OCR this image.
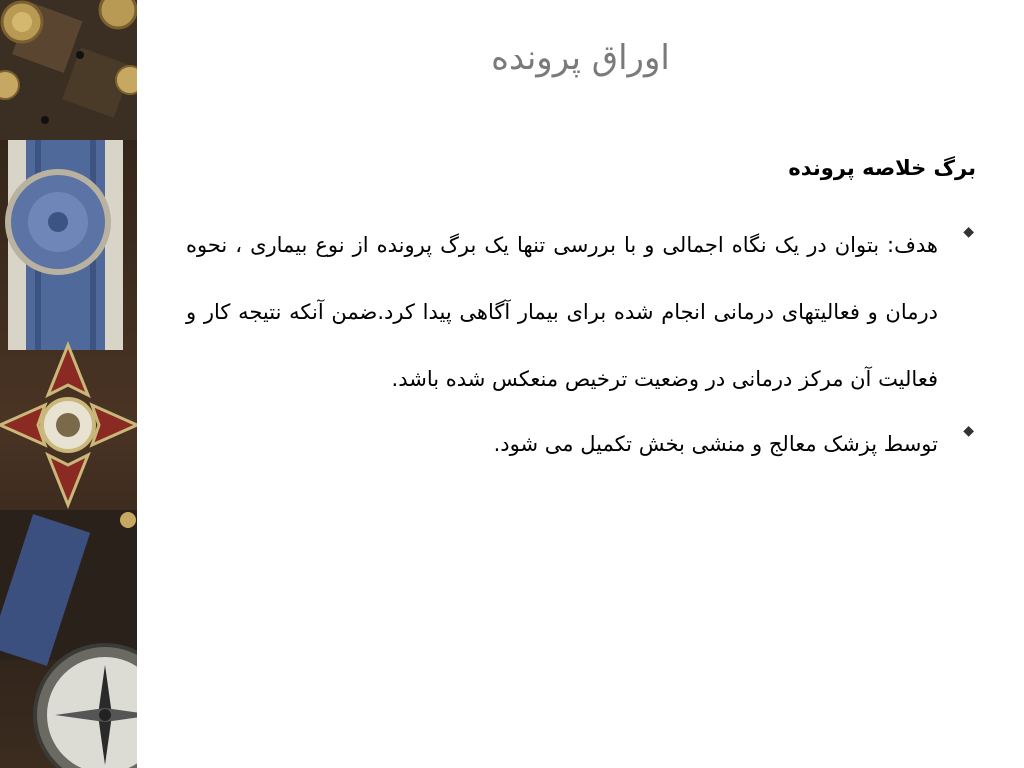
اوراق پرونده
برگ خلاصه پرونده
◆
هدف: بتوان در یک نگاه اجمالی و با بررسی تنها یک برگ پرونده از نوع بیماری ، نحوه درمان و فعالیتهای درمانی انجام شده برای بیمار آگاهی پیدا کرد.ضمن آنکه نتیجه کار و فعالیت آن مرکز درمانی در وضعیت ترخیص منعکس شده باشد.
◆
توسط پزشک معالج و منشی بخش تکمیل می شود.
